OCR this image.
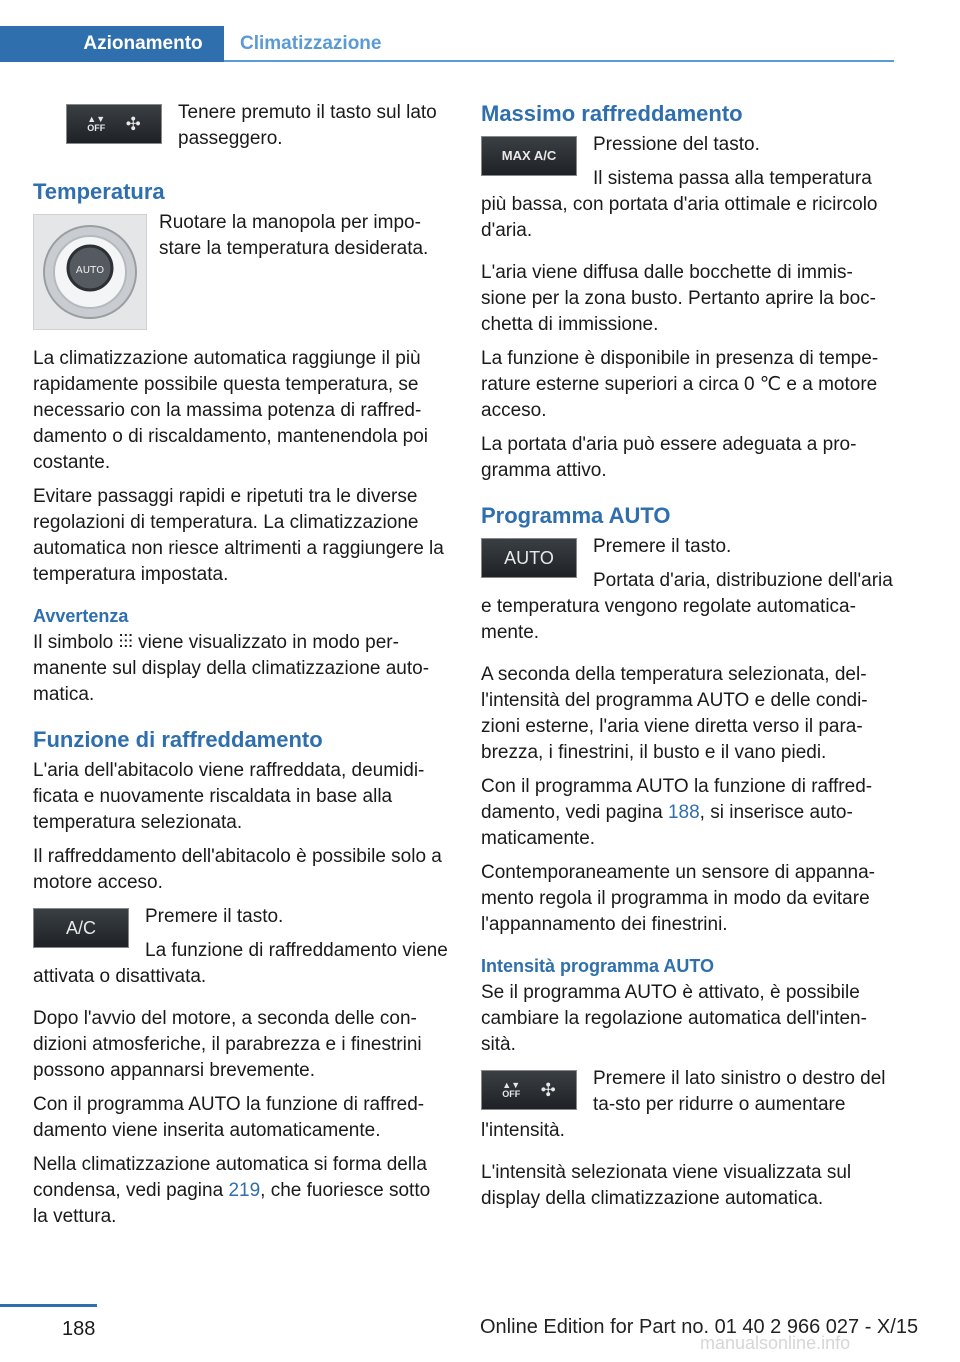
Azionamento	Climatizzazione
▲▼
OFF ✣

Tenere premuto il tasto sul lato passeggero.

Temperatura
AUTO

Ruotare la manopola per impo-stare la temperatura desiderata.

La climatizzazione automatica raggiunge il più rapidamente possibile questa temperatura, se necessario con la massima potenza di raffred-damento o di riscaldamento, mantenendola poi costante.

Evitare passaggi rapidi e ripetuti tra le diverse regolazioni di temperatura. La climatizzazione automatica non riesce altrimenti a raggiungere la temperatura impostata.

Avvertenza

Il simbolo ⫶⫶⫶ viene visualizzato in modo per-manente sul display della climatizzazione auto-matica.

Funzione di raffreddamento

L'aria dell'abitacolo viene raffreddata, deumidi-ficata e nuovamente riscaldata in base alla temperatura selezionata.

Il raffreddamento dell'abitacolo è possibile solo a motore acceso.

A/C

Premere il tasto.

La funzione di raffreddamento viene attivata o disattivata.

Dopo l'avvio del motore, a seconda delle con-dizioni atmosferiche, il parabrezza e i finestrini possono appannarsi brevemente.

Con il programma AUTO la funzione di raffred-damento viene inserita automaticamente.

Nella climatizzazione automatica si forma della condensa, vedi pagina 219, che fuoriesce sotto la vettura.

Massimo raffreddamento
MAX A/C

Pressione del tasto.

Il sistema passa alla temperatura più bassa, con portata d'aria ottimale e ricircolo d'aria.

L'aria viene diffusa dalle bocchette di immis-sione per la zona busto. Pertanto aprire la boc-chetta di immissione.

La funzione è disponibile in presenza di tempe-rature esterne superiori a circa 0 ℃ e a motore acceso.

La portata d'aria può essere adeguata a pro-gramma attivo.

Programma AUTO
AUTO

Premere il tasto.

Portata d'aria, distribuzione dell'aria e temperatura vengono regolate automatica-mente.

A seconda della temperatura selezionata, del-l'intensità del programma AUTO e delle condi-zioni esterne, l'aria viene diretta verso il para-brezza, i finestrini, il busto e il vano piedi.

Con il programma AUTO la funzione di raffred-damento, vedi pagina 188, si inserisce auto-maticamente.

Contemporaneamente un sensore di appanna-mento regola il programma in modo da evitare l'appannamento dei finestrini.

Intensità programma AUTO

Se il programma AUTO è attivato, è possibile cambiare la regolazione automatica dell'inten-sità.

▲▼
OFF ✣

Premere il lato sinistro o destro del ta-sto per ridurre o aumentare l'intensità.

L'intensità selezionata viene visualizzata sul display della climatizzazione automatica.

188	Online Edition for Part no. 01 40 2 966 027 - X/15
manualsonline.info
